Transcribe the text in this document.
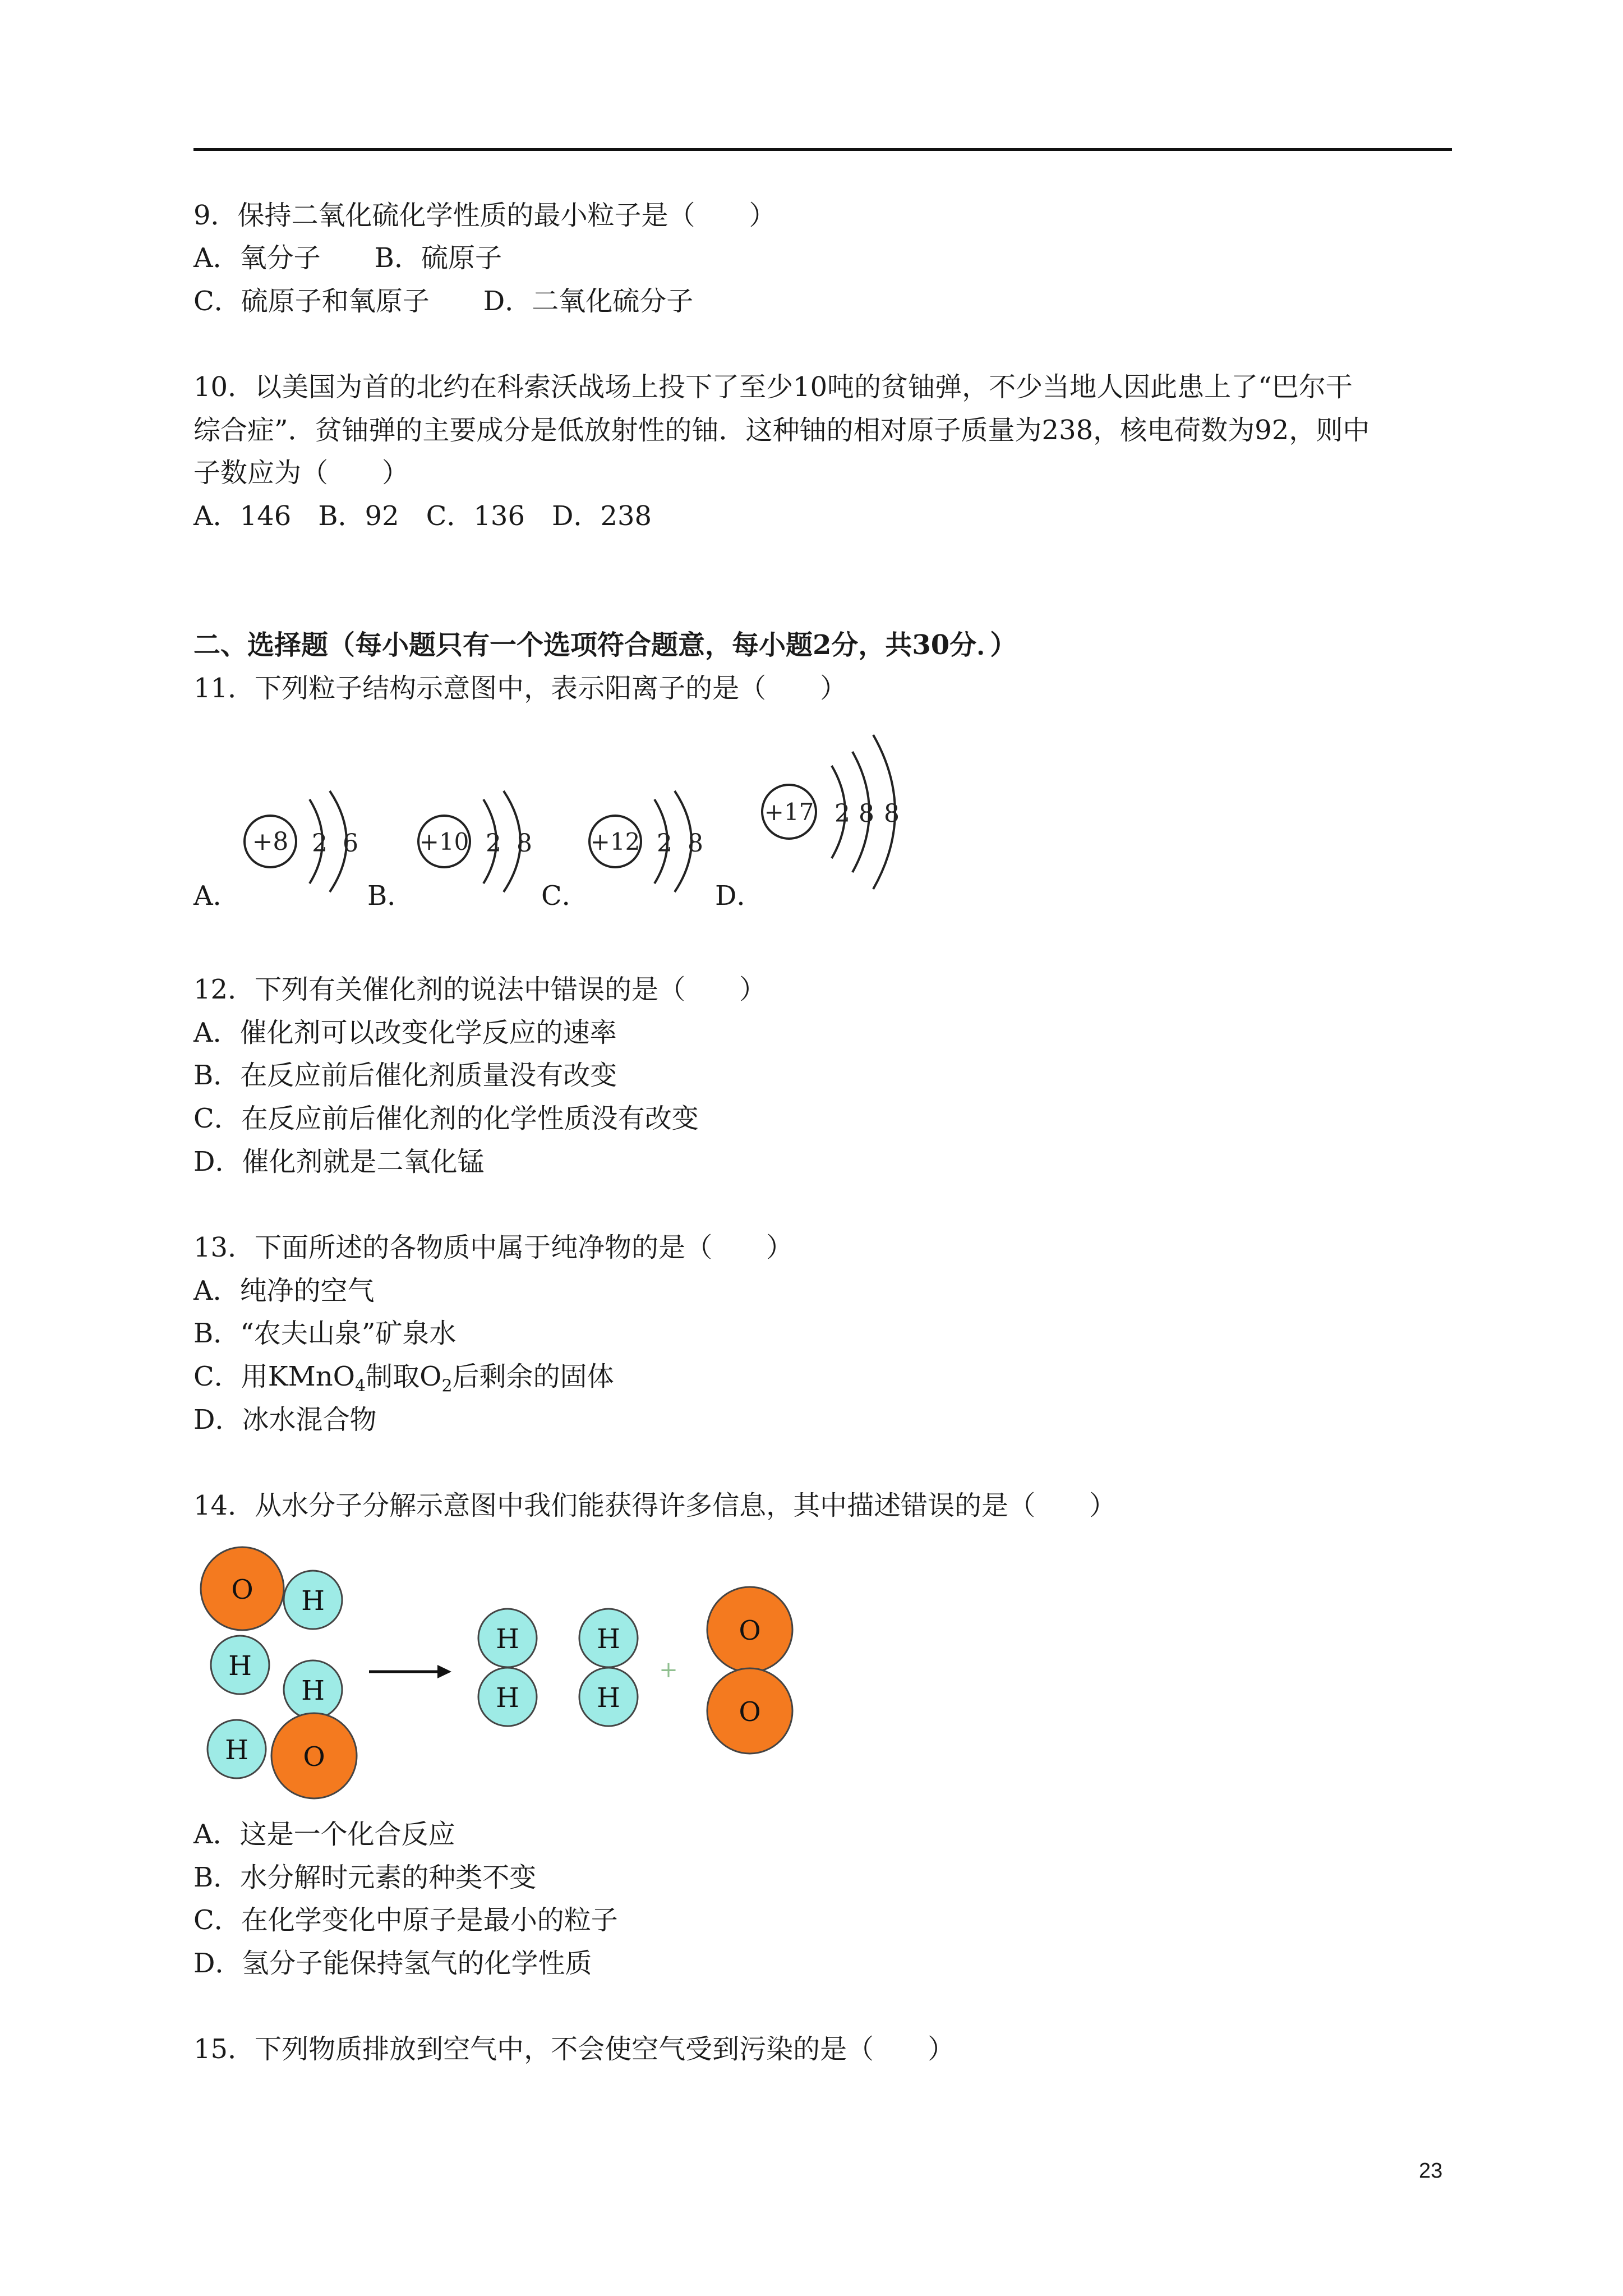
9．保持二氧化硫化学性质的最小粒子是（　　）
A．氧分子　　B．硫原子
C．硫原子和氧原子　　D．二氧化硫分子
10．以美国为首的北约在科索沃战场上投下了至少10吨的贫铀弹，不少当地人因此患上了“巴尔干
综合症”．贫铀弹的主要成分是低放射性的铀．这种铀的相对原子质量为238，核电荷数为92，则中
子数应为（　　）
A．146　B．92　C．136　D．238
二、选择题（每小题只有一个选项符合题意，每小题2分，共30分．）
11．下列粒子结构示意图中，表示阳离子的是（　　）
A．	B．	C．	D．
+8 2 6	+10 2 8 +12 2 8
+17 2 8 8
12．下列有关催化剂的说法中错误的是（　　）
A．催化剂可以改变化学反应的速率
B．在反应前后催化剂质量没有改变
C．在反应前后催化剂的化学性质没有改变
D．催化剂就是二氧化锰
13．下面所述的各物质中属于纯净物的是（　　）
A．纯净的空气
B．“农夫山泉”矿泉水
C．用KMnO$_4$制取$O_2$后剩余的固体
D．冰水混合物
14．从水分子分解示意图中我们能获得许多信息，其中描述错误的是（　　）
O H
H
H
O
H
H
H
H
H
+
O
O
A．这是一个化合反应
B．水分解时元素的种类不变
C．在化学变化中原子是最小的粒子
D．氢分子能保持氢气的化学性质
15．下列物质排放到空气中，不会使空气受到污染的是（　　）
23
